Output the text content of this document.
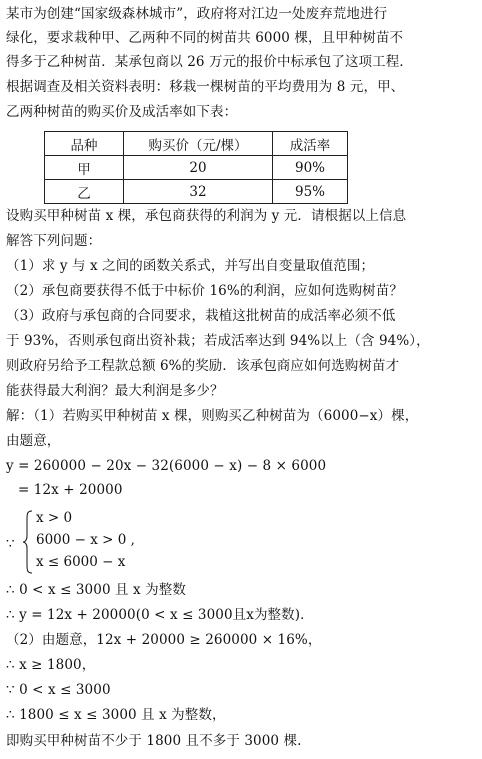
某市为创建“国家级森林城市”，政府将对江边一处废弃荒地进行
绿化，要求栽种甲、乙两种不同的树苗共 6000 棵，且甲种树苗不
得多于乙种树苗．某承包商以 26 万元的报价中标承包了这项工程．
根据调查及相关资料表明：移栽一棵树苗的平均费用为 8 元，甲、
乙两种树苗的购买价及成活率如下表：
品种	购买价（元/棵）	成活率
甲	20	90%
乙	32	95%
设购买甲种树苗 x 棵，承包商获得的利润为 y 元．请根据以上信息
解答下列问题：
（1）求 y 与 x 之间的函数关系式，并写出自变量取值范围；
（2）承包商要获得不低于中标价 16%的利润，应如何选购树苗？
（3）政府与承包商的合同要求，栽植这批树苗的成活率必须不低
于 93%，否则承包商出资补栽；若成活率达到 94%以上（含 94%），
则政府另给予工程款总额 6%的奖励．该承包商应如何选购树苗才
能获得最大利润？最大利润是多少？
解：（1）若购买甲种树苗 x 棵，则购买乙种树苗为（6000−x）棵，
由题意，
y = 260000 − 20x − 32(6000 − x) − 8 × 6000
= 12x + 20000
∵
x > 0
6000 − x > 0 ,
x ≤ 6000 − x
∴ 0 < x ≤ 3000 且 x 为整数
∴ y = 12x + 20000(0 < x ≤ 3000且x为整数)．
（2）由题意，12x + 20000 ≥ 260000 × 16%，
∴ x ≥ 1800，
∵ 0 < x ≤ 3000
∴ 1800 ≤ x ≤ 3000 且 x 为整数，
即购买甲种树苗不少于 1800 且不多于 3000 棵.
